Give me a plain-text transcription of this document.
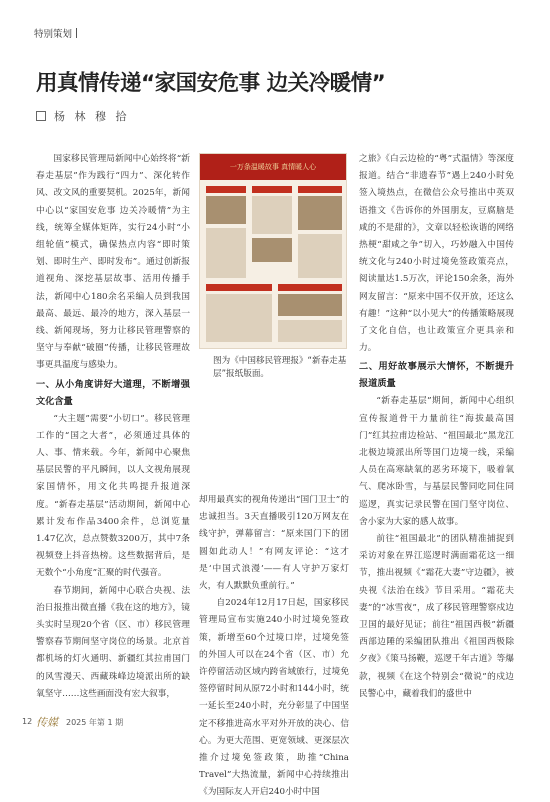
特别策划
用真情传递“家国安危事 边关冷暖情”
杨 林 穆 拾

国家移民管理局新闻中心始终将“新春走基层”作为践行“四力”、深化转作风、改文风的重要契机。2025年，新闻中心以“家国安危事 边关冷暖情”为主线，统筹全媒体矩阵，实行24小时“小组轮值”模式，确保热点内容“即时策划、即时生产、即时发布”。通过创新报道视角、深挖基层故事、活用传播手法，新闻中心180余名采编人员到我国最高、最远、最冷的地方，深入基层一线、新闻现场，努力让移民管理警察的坚守与奉献“破圈”传播，让移民管理故事更具温度与感染力。

一、从小角度讲好大道理，不断增强文化含量

“大主题”需要“小切口”。移民管理工作的“国之大者”，必须通过具体的人、事、情来载。今年，新闻中心聚焦基层民警的平凡瞬间，以人文视角展现家国情怀，用文化共鸣提升报道深度。“新春走基层”活动期间，新闻中心累计发布作品3400余件，总浏览量1.47亿次，总点赞数3200万，其中7条视频登上抖音热榜。这些数据背后，是无数个“小角度”汇聚的时代强音。

春节期间，新闻中心联合央视、法治日报推出微直播《我在这的地方》，镜头实时呈现20个省（区、市）移民管理警察春节期间坚守岗位的场景。北京首都机场的灯火通明、新疆红其拉甫国门的风雪漫天、西藏珠峰边境派出所的缺氧坚守……这些画面没有宏大叙事，

一万条温暖故事 真情暖人心
图为《中国移民管理报》“新春走基层”报纸版面。

却用最真实的视角传递出“国门卫士”的忠诚担当。3天直播吸引120万网友在线守护，弹幕留言：“原来国门下的团圆如此动人！”有网友评论：“这才是‘中国式浪漫’——有人守护万家灯火，有人默默负重前行。”

自2024年12月17日起，国家移民管理局宣布实施240小时过境免签政策，新增至60个过境口岸，过境免签的外国人可以在24个省（区、市）允许停留活动区域内跨省域旅行，过境免签停留时间从原72小时和144小时，统一延长至240小时，充分彰显了中国坚定不移推进高水平对外开放的决心、信心。为更大范围、更宽领域、更深层次推介过境免签政策，助推“China Travel”大热流量，新闻中心持续推出《为国际友人开启240小时中国

之旅》《白云边检的“粤”式温情》等深度报道。结合“非遗春节”遇上240小时免签入境热点，在微信公众号推出中英双语推文《告诉你的外国朋友，豆腐脑是咸的不是甜的》，文章以轻松诙谐的网络热梗“甜咸之争”切入，巧妙融入中国传统文化与240小时过境免签政策亮点，阅读量达1.5万次，评论150余条，海外网友留言：“原来中国不仅开放，还这么有趣！”这种“以小见大”的传播策略展现了文化自信，也让政策宣介更具亲和力。

二、用好故事展示大情怀，不断提升报道质量

“新春走基层”期间，新闻中心组织宣传报道骨干力量前往“海拔最高国门”红其拉甫边检站、“祖国最北”黑龙江北极边境派出所等国门边境一线，采编人员在高寒缺氧的恶劣环境下，吸着氧气、爬冰卧雪，与基层民警同吃同住同巡逻，真实记录民警在国门坚守岗位、舍小家为大家的感人故事。

前往“祖国最北”的团队精准捕捉到采访对象在界江巡逻时满面霜花这一细节，推出视频《“霜花大妻”守边疆》，被央视《法治在线》节目采用。“霜花夫妻”的“冰雪夜”，成了移民管理警察戍边卫国的最好见证；前往“祖国西极”新疆西部边陲的采编团队推出《祖国西极除夕夜》《策马扬鞭，巡逻千年古道》等爆款，视频《在这个特别会“微说”的戍边民警心中，藏着我们的盛世中

12 传媒 2025 年第 1 期
